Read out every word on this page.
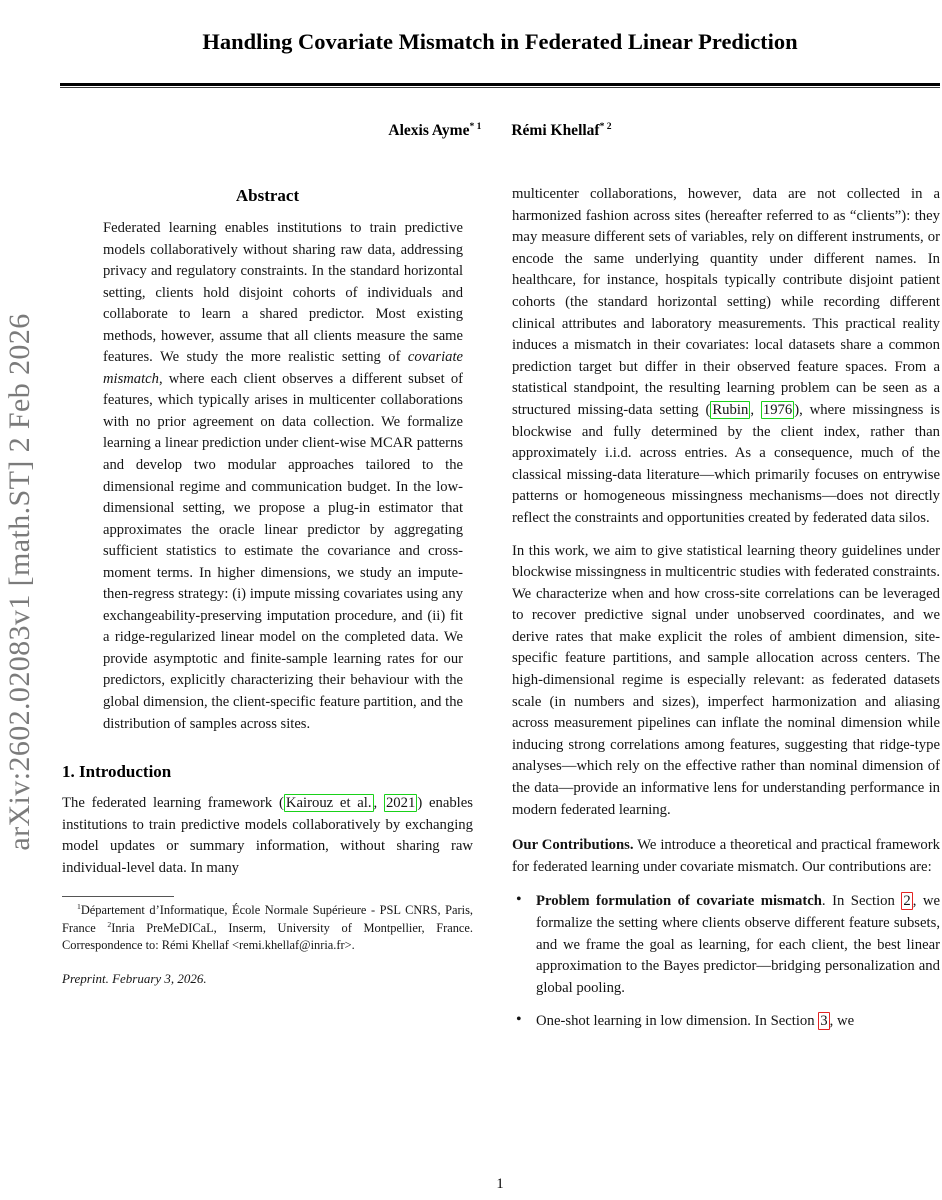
arXiv:2602.02083v1 [math.ST] 2 Feb 2026
Handling Covariate Mismatch in Federated Linear Prediction
Alexis Ayme$^{* 1}$ Rémi Khellaf$^{* 2}$
Abstract

Federated learning enables institutions to train predictive models collaboratively without sharing raw data, addressing privacy and regulatory constraints. In the standard horizontal setting, clients hold disjoint cohorts of individuals and collaborate to learn a shared predictor. Most existing methods, however, assume that all clients measure the same features. We study the more realistic setting of covariate mismatch, where each client observes a different subset of features, which typically arises in multicenter collaborations with no prior agreement on data collection. We formalize learning a linear prediction under client-wise MCAR patterns and develop two modular approaches tailored to the dimensional regime and communication budget. In the low-dimensional setting, we propose a plug-in estimator that approximates the oracle linear predictor by aggregating sufficient statistics to estimate the covariance and cross-moment terms. In higher dimensions, we study an impute-then-regress strategy: (i) impute missing covariates using any exchangeability-preserving imputation procedure, and (ii) fit a ridge-regularized linear model on the completed data. We provide asymptotic and finite-sample learning rates for our predictors, explicitly characterizing their behaviour with the global dimension, the client-specific feature partition, and the distribution of samples across sites.

1. Introduction

The federated learning framework ( Kairouz et al. , 2021 ) enables institutions to train predictive models collaboratively by exchanging model updates or summary information, without sharing raw individual-level data. In many

$^1$Département d’Informatique, École Normale Supérieure - PSL CNRS, Paris, France $^2$Inria PreMeDICaL, Inserm, University of Montpellier, France. Correspondence to: Rémi Khellaf <remi.khellaf@inria.fr>.

Preprint. February 3, 2026.

multicenter collaborations, however, data are not collected in a harmonized fashion across sites (hereafter referred to as “clients”): they may measure different sets of variables, rely on different instruments, or encode the same underlying quantity under different names. In healthcare, for instance, hospitals typically contribute disjoint patient cohorts (the standard horizontal setting) while recording different clinical attributes and laboratory measurements. This practical reality induces a mismatch in their covariates: local datasets share a common prediction target but differ in their observed feature spaces. From a statistical standpoint, the resulting learning problem can be seen as a structured missing-data setting ( Rubin , 1976 ), where missingness is blockwise and fully determined by the client index, rather than approximately i.i.d. across entries. As a consequence, much of the classical missing-data literature—which primarily focuses on entrywise patterns or homogeneous missingness mechanisms—does not directly reflect the constraints and opportunities created by federated data silos.

In this work, we aim to give statistical learning theory guidelines under blockwise missingness in multicentric studies with federated constraints. We characterize when and how cross-site correlations can be leveraged to recover predictive signal under unobserved coordinates, and we derive rates that make explicit the roles of ambient dimension, site-specific feature partitions, and sample allocation across centers. The high-dimensional regime is especially relevant: as federated datasets scale (in numbers and sizes), imperfect harmonization and aliasing across measurement pipelines can inflate the nominal dimension while inducing strong correlations among features, suggesting that ridge-type analyses—which rely on the effective rather than nominal dimension of the data—provide an informative lens for understanding performance in modern federated learning.

Our Contributions. We introduce a theoretical and practical framework for federated learning under covariate mismatch. Our contributions are:

• Problem formulation of covariate mismatch. In Section 2 , we formalize the setting where clients observe different feature subsets, and we frame the goal as learning, for each client, the best linear approximation to the Bayes predictor—bridging personalization and global pooling.
• One-shot learning in low dimension. In Section 3 , we
1
